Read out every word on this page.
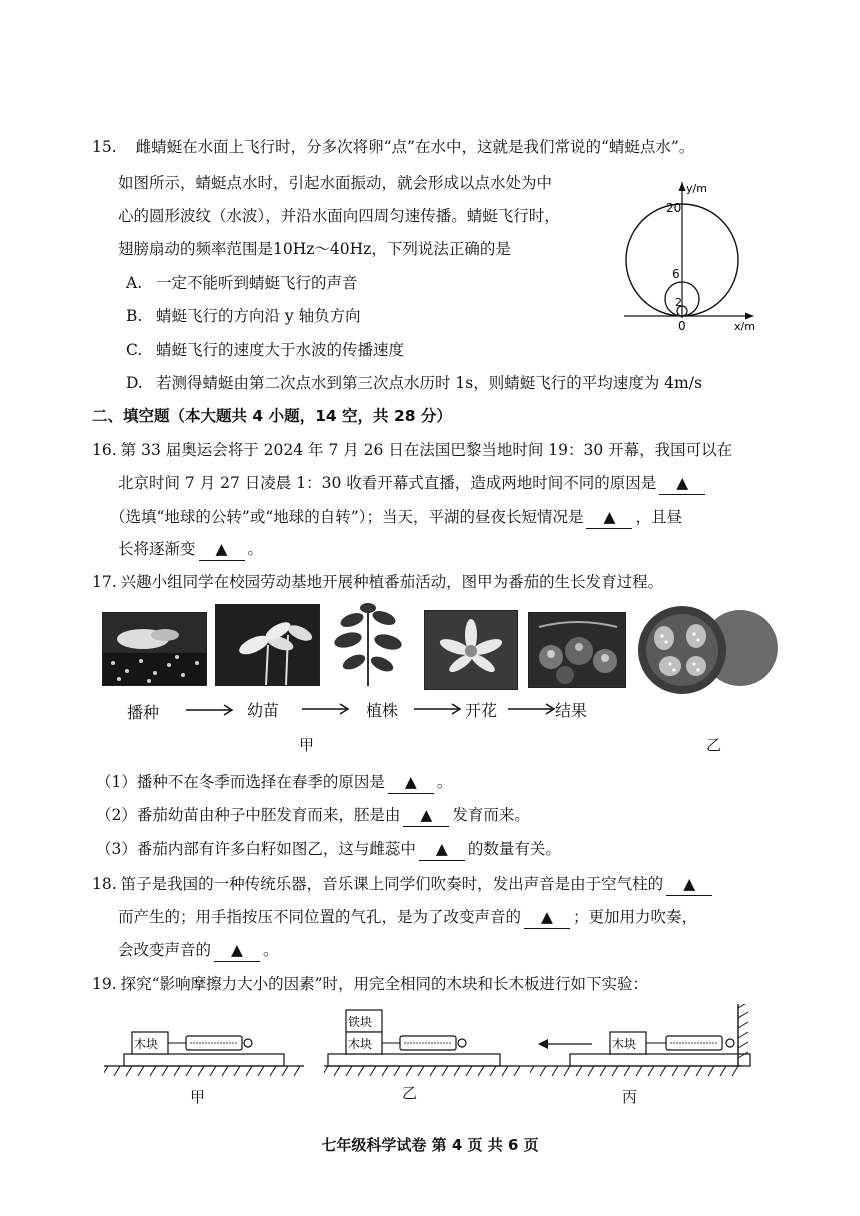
15. 雌蜻蜓在水面上飞行时，分多次将卵“点”在水中，这就是我们常说的“蜻蜓点水”。
如图所示，蜻蜓点水时，引起水面振动，就会形成以点水处为中
心的圆形波纹（水波），并沿水面向四周匀速传播。蜻蜓飞行时，
翅膀扇动的频率范围是10Hz～40Hz，下列说法正确的是
A. 一定不能听到蜻蜓飞行的声音
B. 蜻蜓飞行的方向沿 y 轴负方向
C. 蜻蜓飞行的速度大于水波的传播速度
D. 若测得蜻蜓由第二次点水到第三次点水历时 1s，则蜻蜓飞行的平均速度为 4m/s
y/m
20
6
2
0	x/m
二、填空题（本大题共 4 小题，14 空，共 28 分）
16. 第 33 届奥运会将于 2024 年 7 月 26 日在法国巴黎当地时间 19：30 开幕，我国可以在
北京时间 7 月 27 日凌晨 1：30 收看开幕式直播，造成两地时间不同的原因是 ▲
（选填“地球的公转”或“地球的自转”）；当天，平湖的昼夜长短情况是 ▲ ，且昼
长将逐渐变 ▲ 。
17. 兴趣小组同学在校园劳动基地开展种植番茄活动，图甲为番茄的生长发育过程。
播种	幼苗	植株	开花	结果
甲	乙
（1）播种不在冬季而选择在春季的原因是 ▲ 。
（2）番茄幼苗由种子中胚发育而来，胚是由 ▲ 发育而来。
（3）番茄内部有许多白籽如图乙，这与雌蕊中 ▲ 的数量有关。
18. 笛子是我国的一种传统乐器，音乐课上同学们吹奏时，发出声音是由于空气柱的 ▲
而产生的；用手指按压不同位置的气孔，是为了改变声音的 ▲ ；更加用力吹奏，
会改变声音的 ▲ 。
19. 探究“影响摩擦力大小的因素”时，用完全相同的木块和长木板进行如下实验：
木块
甲
铁块
木块
乙
木块
丙
七年级科学试卷 第 4 页 共 6 页
